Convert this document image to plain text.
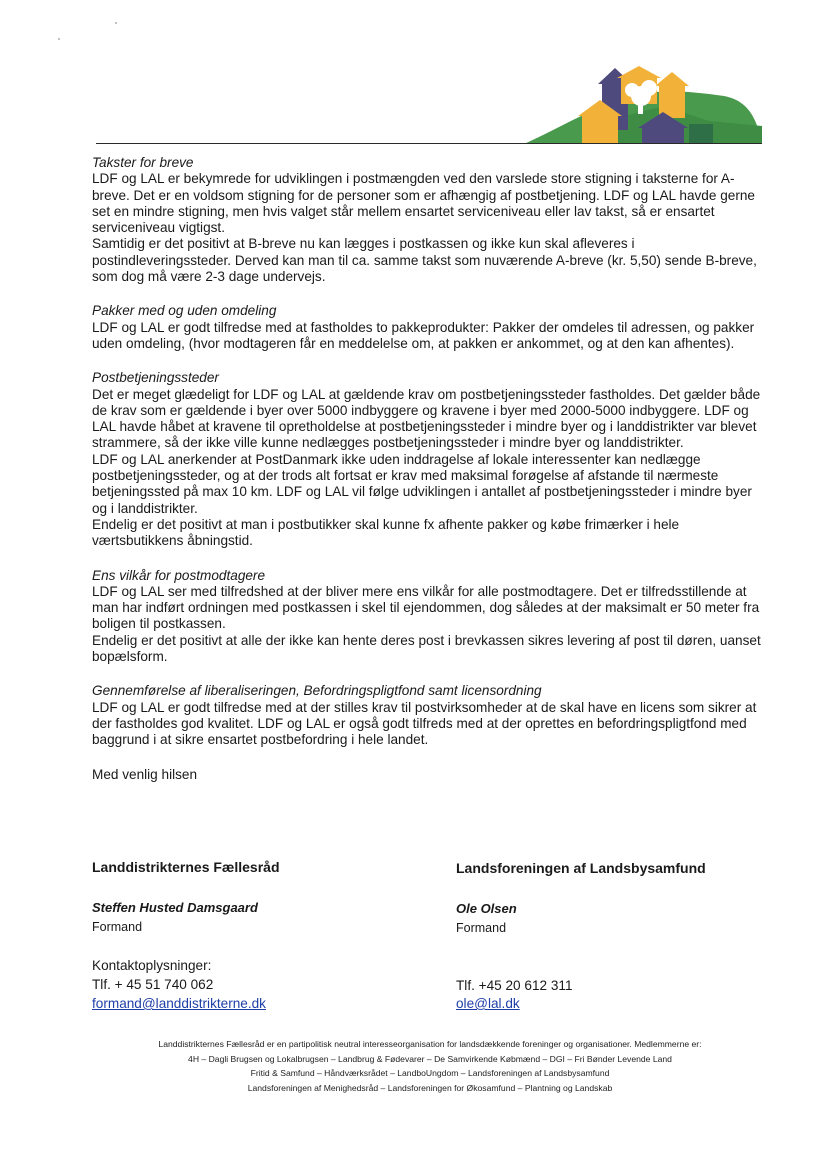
Takster for breve

LDF og LAL er bekymrede for udviklingen i postmængden ved den varslede store stigning i taksterne for A-breve. Det er en voldsom stigning for de personer som er afhængig af postbetjening. LDF og LAL havde gerne set en mindre stigning, men hvis valget står mellem ensartet serviceniveau eller lav takst, så er ensartet serviceniveau vigtigst.

Samtidig er det positivt at B-breve nu kan lægges i postkassen og ikke kun skal afleveres i postindleveringssteder. Derved kan man til ca. samme takst som nuværende A-breve (kr. 5,50) sende B-breve, som dog må være 2-3 dage undervejs.

Pakker med og uden omdeling

LDF og LAL er godt tilfredse med at fastholdes to pakkeprodukter: Pakker der omdeles til adressen, og pakker uden omdeling, (hvor modtageren får en meddelelse om, at pakken er ankommet, og at den kan afhentes).

Postbetjeningssteder

Det er meget glædeligt for LDF og LAL at gældende krav om postbetjeningssteder fastholdes. Det gælder både de krav som er gældende i byer over 5000 indbyggere og kravene i byer med 2000-5000 indbyggere. LDF og LAL havde håbet at kravene til opretholdelse at postbetjeningssteder i mindre byer og i landdistrikter var blevet strammere, så der ikke ville kunne nedlægges postbetjeningssteder i mindre byer og landdistrikter.

LDF og LAL anerkender at PostDanmark ikke uden inddragelse af lokale interessenter kan nedlægge postbetjeningssteder, og at der trods alt fortsat er krav med maksimal forøgelse af afstande til nærmeste betjeningssted på max 10 km. LDF og LAL vil følge udviklingen i antallet af postbetjeningssteder i mindre byer og i landdistrikter.

Endelig er det positivt at man i postbutikker skal kunne fx afhente pakker og købe frimærker i hele værtsbutikkens åbningstid.

Ens vilkår for postmodtagere

LDF og LAL ser med tilfredshed at der bliver mere ens vilkår for alle postmodtagere. Det er tilfredsstillende at man har indført ordningen med postkassen i skel til ejendommen, dog således at der maksimalt er 50 meter fra boligen til postkassen.

Endelig er det positivt at alle der ikke kan hente deres post i brevkassen sikres levering af post til døren, uanset bopælsform.

Gennemførelse af liberaliseringen, Befordringspligtfond samt licensordning

LDF og LAL er godt tilfredse med at der stilles krav til postvirksomheder at de skal have en licens som sikrer at der fastholdes god kvalitet. LDF og LAL er også godt tilfreds med at der oprettes en befordringspligtfond med baggrund i at sikre ensartet postbefordring i hele landet.

Med venlig hilsen

Landdistrikternes Fællesråd	Landsforeningen af Landsbysamfund
Steffen Husted Damsgaard	Ole Olsen
Formand	Formand
Kontaktoplysninger:
Tlf. + 45 51 740 062	Tlf. +45 20 612 311
formand@landdistrikterne.dk	ole@lal.dk
Landdistrikternes Fællesråd er en partipolitisk neutral interesseorganisation for landsdækkende foreninger og organisationer. Medlemmerne er:
4H – Dagli Brugsen og Lokalbrugsen – Landbrug & Fødevarer – De Samvirkende Købmænd – DGI – Fri Bønder Levende Land
Fritid & Samfund – Håndværksrådet – LandboUngdom – Landsforeningen af Landsbysamfund
Landsforeningen af Menighedsråd – Landsforeningen for Økosamfund – Plantning og Landskab
